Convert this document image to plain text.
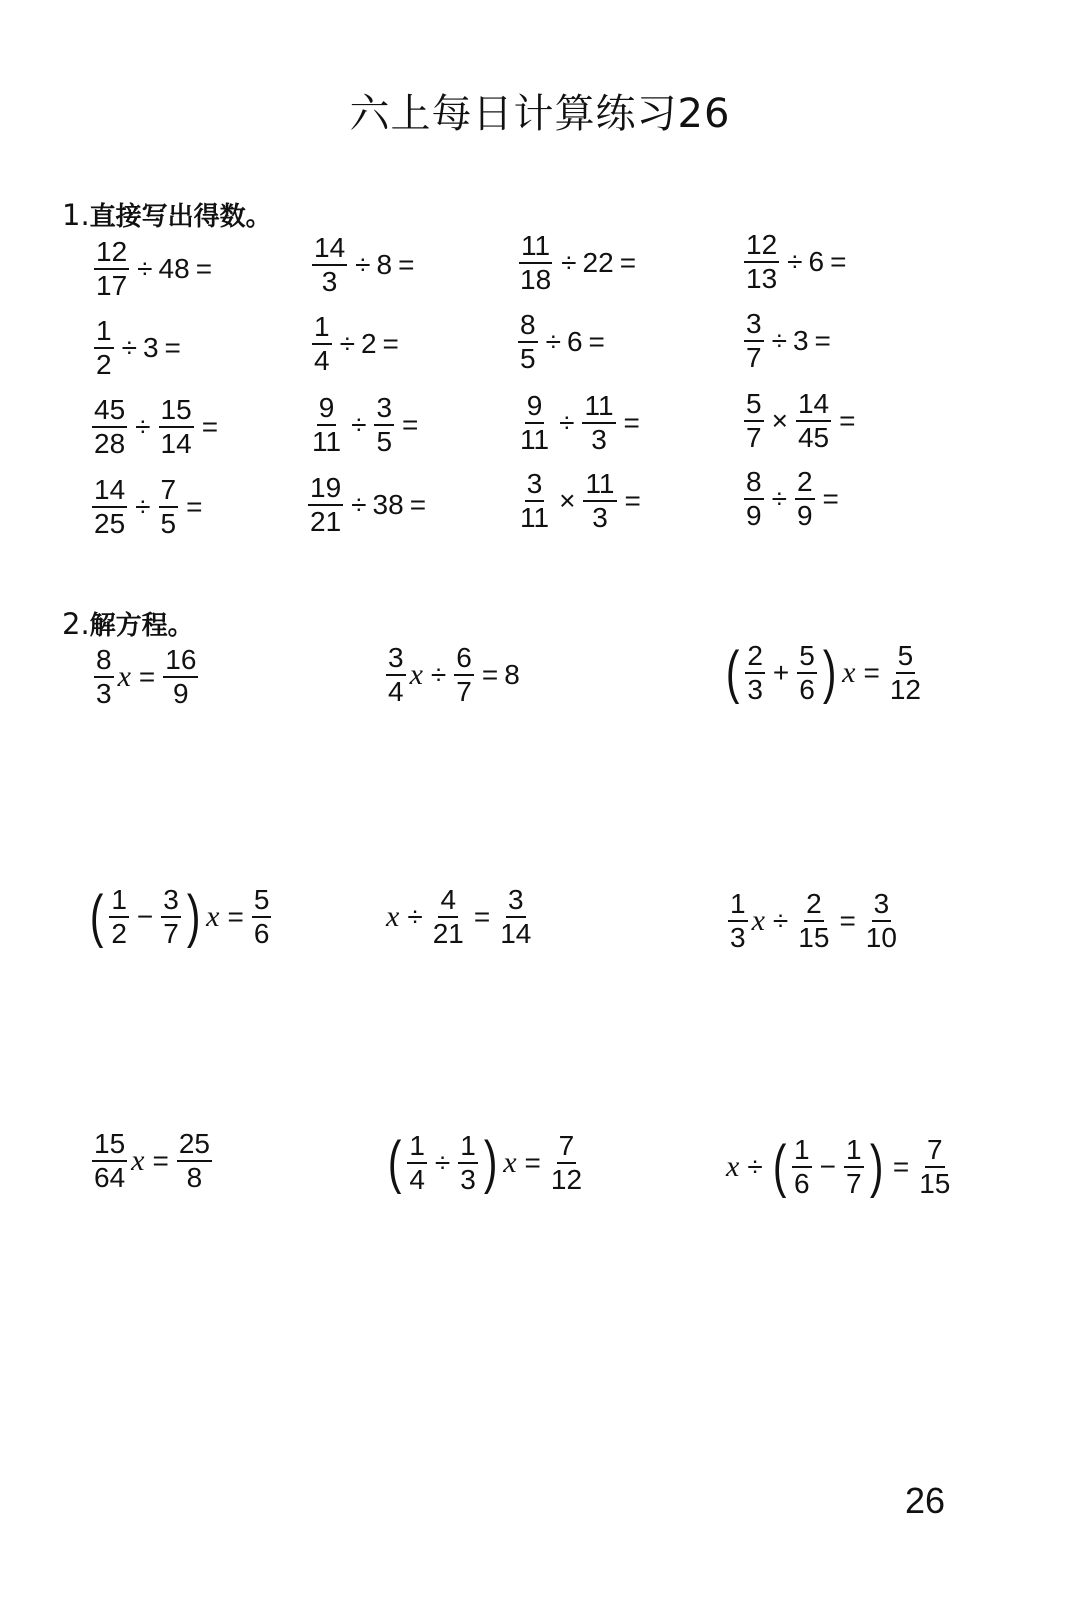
六上每日计算练习26
1.直接写出得数。
$\frac{12}{17} \div 48$ =	$\frac{14}{3} \div 8$ =	$\frac{11}{18} \div 22$ =	$\frac{12}{13} \div 6$ =
$\frac{1}{2} \div 3$ =	$\frac{1}{4} \div 2$ =	$\frac{8}{5} \div 6$ =	$\frac{3}{7} \div 3$ =
$\frac{45}{28} \div \frac{15}{14}$ =	$\frac{9}{11} \div \frac{3}{5}$ =	$\frac{9}{11} \div \frac{11}{3}$ =	$\frac{5}{7} \times \frac{14}{45}$ =
$\frac{14}{25} \div \frac{7}{5}$ =	$\frac{19}{21} \div 38$ =	$\frac{3}{11} \times \frac{11}{3}$ =	$\frac{8}{9} \div \frac{2}{9}$ =
2.解方程。
$\frac{8}{3}$ $x = \frac{16}{9}$	$\frac{3}{4}$ $x \div \frac{6}{7} = 8$	( $\frac{2}{3} + \frac{5}{6}$ ) $x = \frac{5}{12}$
( $\frac{1}{2} - \frac{3}{7}$ ) $x = \frac{5}{6}$	$x \div \frac{4}{21} = \frac{3}{14}$	$\frac{1}{3}$ $x \div \frac{2}{15} = \frac{3}{10}$
$\frac{15}{64}$ $x = \frac{25}{8}$	( $\frac{1}{4} \div \frac{1}{3}$ ) $x = \frac{7}{12}$	x ÷ ( $\frac{1}{6} - \frac{1}{7}$ ) = $\frac{7}{15}$
26
